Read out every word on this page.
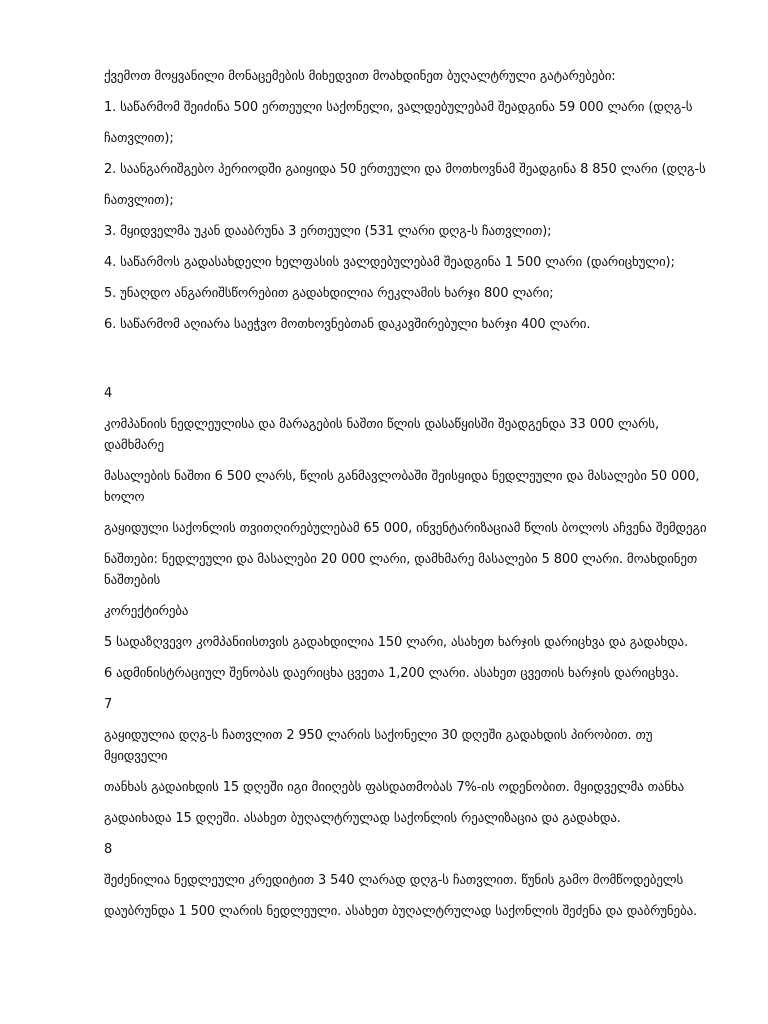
ქვემოთ მოყვანილი მონაცემების მიხედვით მოახდინეთ ბუღალტრული გატარებები:

1. საწარმომ შეიძინა 500 ერთეული საქონელი, ვალდებულებამ შეადგინა 59 000 ლარი (დღგ-ს

ჩათვლით);

2. საანგარიშგებო პერიოდში გაიყიდა 50 ერთეული და მოთხოვნამ შეადგინა 8 850 ლარი (დღგ-ს

ჩათვლით);

3. მყიდველმა უკან დააბრუნა 3 ერთეული (531 ლარი დღგ-ს ჩათვლით);

4. საწარმოს გადასახდელი ხელფასის ვალდებულებამ შეადგინა 1 500 ლარი (დარიცხული);

5. უნაღდო ანგარიშსწორებით გადახდილია რეკლამის ხარჯი 800 ლარი;

6. საწარმომ აღიარა საეჭვო მოთხოვნებთან დაკავშირებული ხარჯი 400 ლარი.

4

კომპანიის ნედლეულისა და მარაგების ნაშთი წლის დასაწყისში შეადგენდა 33 000 ლარს, დამხმარე

მასალების ნაშთი 6 500 ლარს, წლის განმავლობაში შეისყიდა ნედლეული და მასალები 50 000, ხოლო

გაყიდული საქონლის თვითღირებულებამ 65 000, ინვენტარიზაციამ წლის ბოლოს აჩვენა შემდეგი

ნაშთები: ნედლეული და მასალები 20 000 ლარი, დამხმარე მასალები 5 800 ლარი. მოახდინეთ ნაშთების

კორექტირება

5 სადაზღვევო კომპანიისთვის გადახდილია 150 ლარი, ასახეთ ხარჯის დარიცხვა და გადახდა.

6 ადმინისტრაციულ შენობას დაერიცხა ცვეთა 1,200 ლარი. ასახეთ ცვეთის ხარჯის დარიცხვა.

7

გაყიდულია დღგ-ს ჩათვლით 2 950 ლარის საქონელი 30 დღეში გადახდის პირობით. თუ მყიდველი

თანხას გადაიხდის 15 დღეში იგი მიიღებს ფასდათმობას 7%-ის ოდენობით. მყიდველმა თანხა

გადაიხადა 15 დღეში. ასახეთ ბუღალტრულად საქონლის რეალიზაცია და გადახდა.

8

შეძენილია ნედლეული კრედიტით 3 540 ლარად დღგ-ს ჩათვლით. წუნის გამო მომწოდებელს

დაუბრუნდა 1 500 ლარის ნედლეული. ასახეთ ბუღალტრულად საქონლის შეძენა და დაბრუნება.
